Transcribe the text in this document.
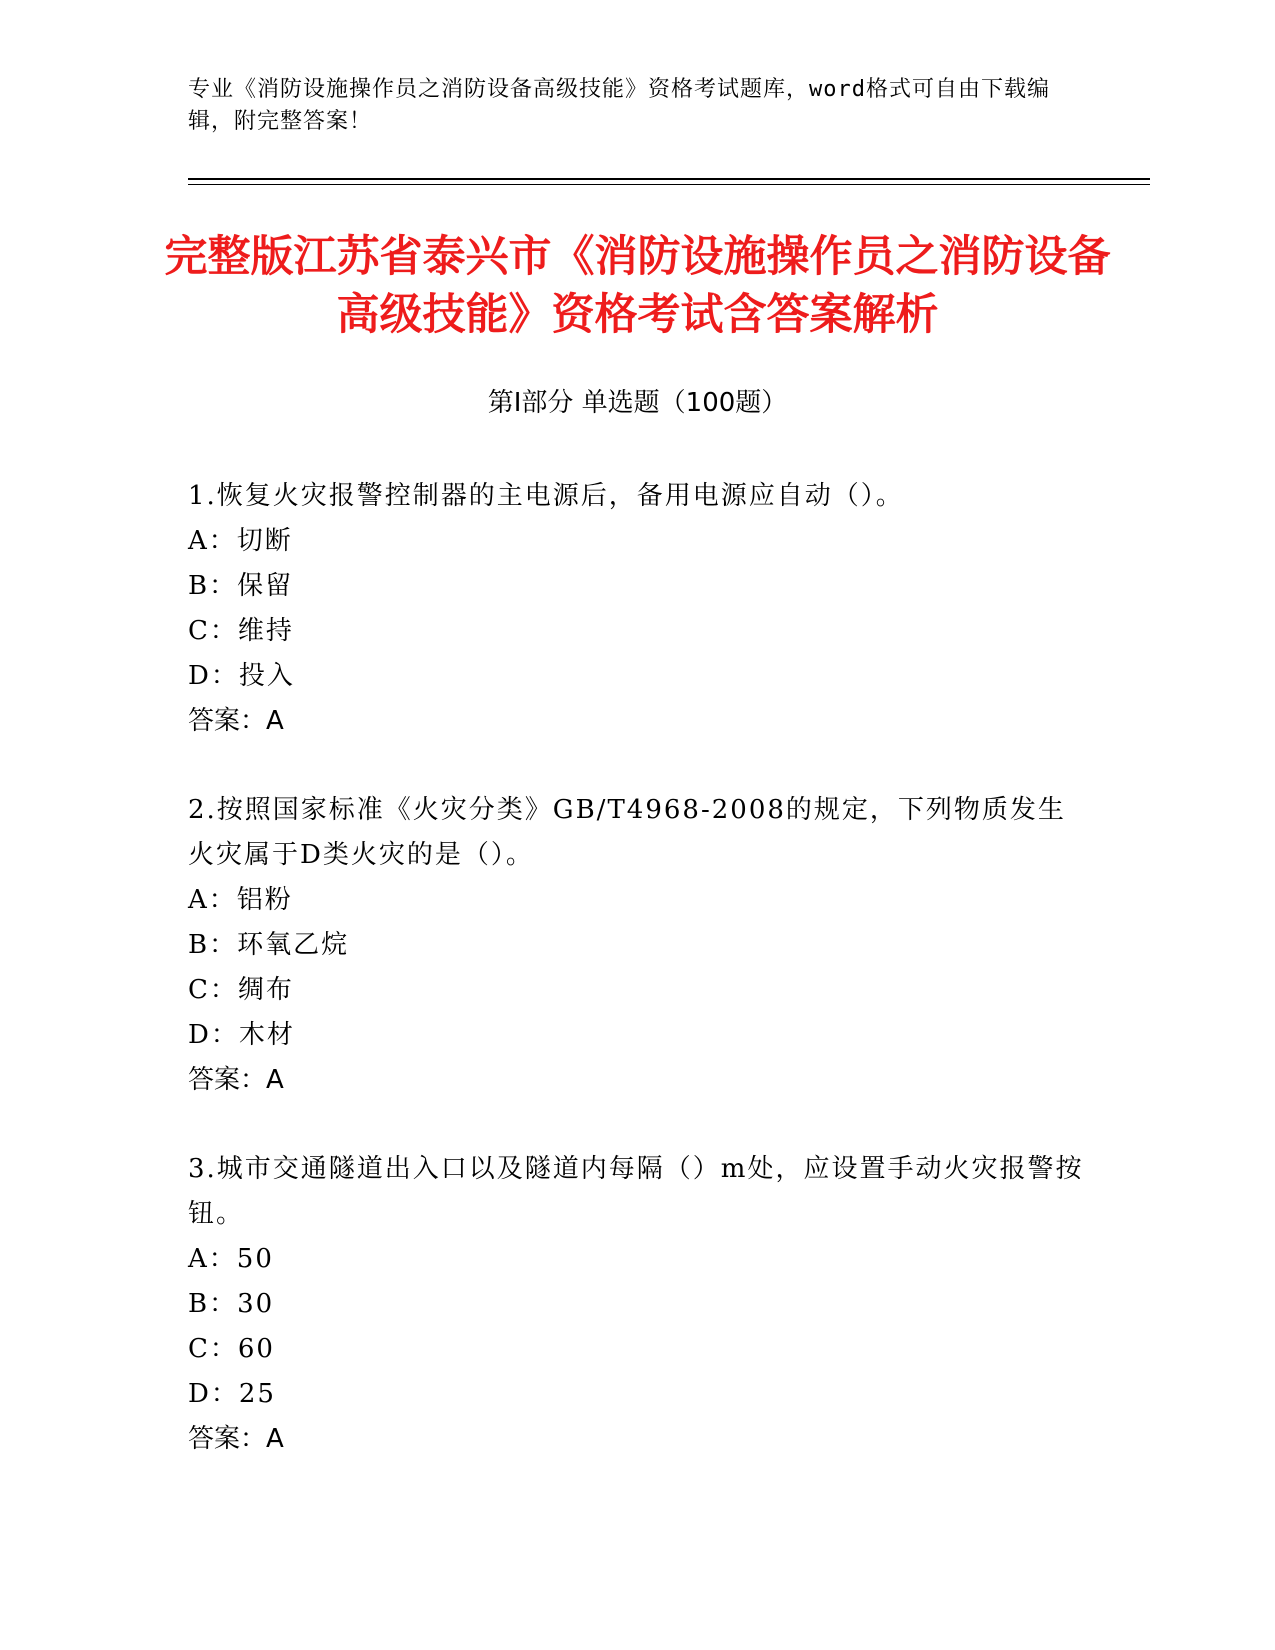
专业《消防设施操作员之消防设备高级技能》资格考试题库，word格式可自由下载编辑，附完整答案！
完整版江苏省泰兴市《消防设施操作员之消防设备高级技能》资格考试含答案解析
第Ⅰ部分 单选题（100题）
1.恢复火灾报警控制器的主电源后，备用电源应自动（）。
A：切断
B：保留
C：维持
D：投入
答案：A
2.按照国家标准《火灾分类》GB/T4968-2008的规定，下列物质发生火灾属于D类火灾的是（）。
A：铝粉
B：环氧乙烷
C：绸布
D：木材
答案：A
3.城市交通隧道出入口以及隧道内每隔（）m处，应设置手动火灾报警按钮。
A：50
B：30
C：60
D：25
答案：A
